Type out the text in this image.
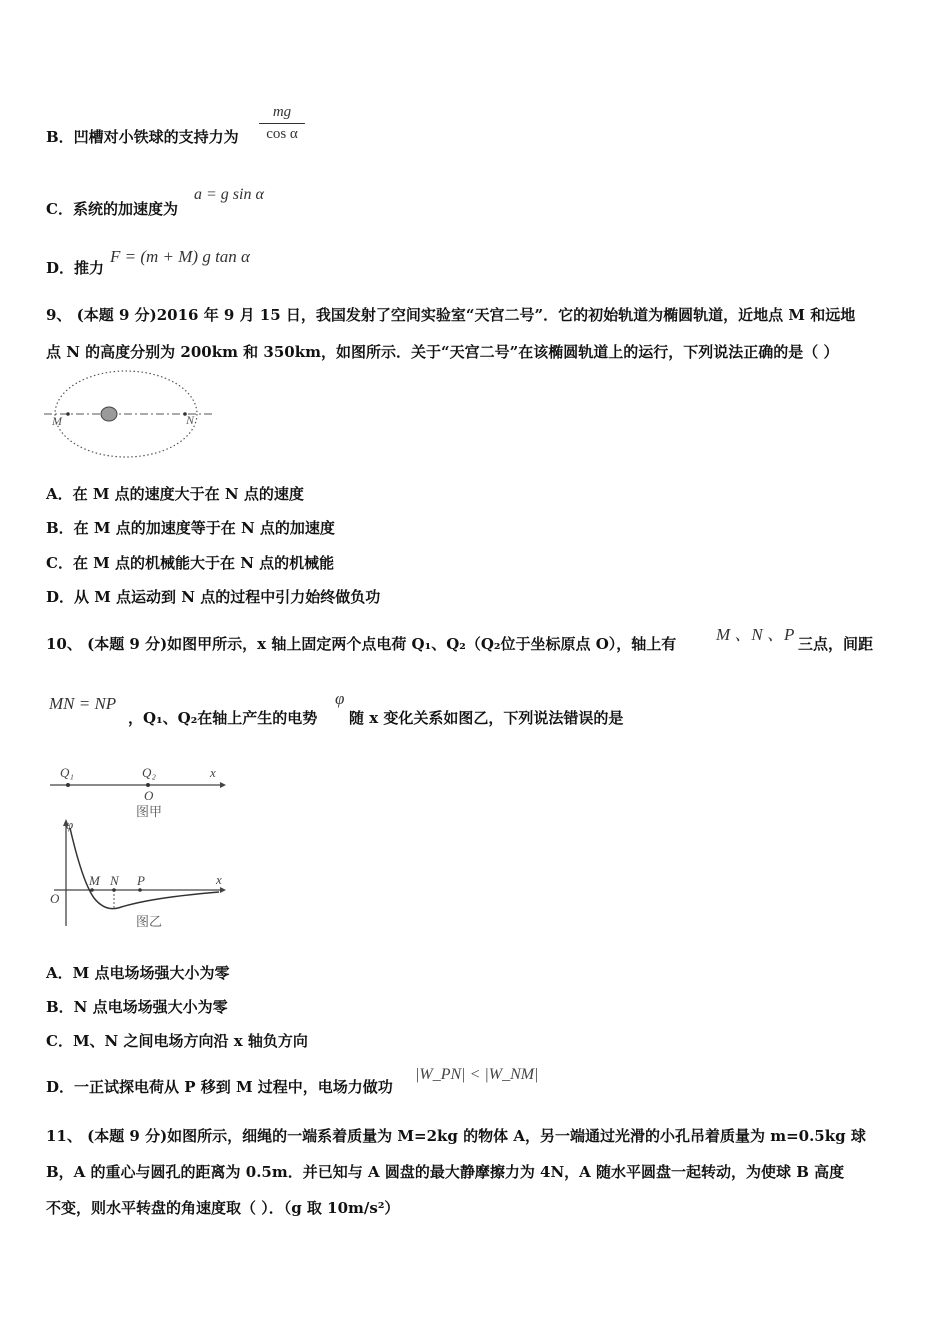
B．凹槽对小铁球的支持力为
mg
cos α
C．系统的加速度为
a = g sin α
D．推力
F = (m + M) g tan α
9、 (本题 9 分)2016 年 9 月 15 日，我国发射了空间实验室“天宫二号”．它的初始轨道为椭圆轨道，近地点 M 和远地
点 N 的高度分别为 200km 和 350km，如图所示．关于“天宫二号”在该椭圆轨道上的运行，下列说法正确的是（ ）
M	N
A．在 M 点的速度大于在 N 点的速度
B．在 M 点的加速度等于在 N 点的加速度
C．在 M 点的机械能大于在 N 点的机械能
D．从 M 点运动到 N 点的过程中引力始终做负功
10、 (本题 9 分)如图甲所示，x 轴上固定两个点电荷 Q₁、Q₂（Q₂位于坐标原点 O），轴上有 M 、N 、P 三点，间距
MN = NP
，Q₁、Q₂在轴上产生的电势
φ
随 x 变化关系如图乙，下列说法错误的是
Q₁	Q₂
O
x
图甲
φ
O
M N P	x
图乙
A．M 点电场场强大小为零
B．N 点电场场强大小为零
C．M、N 之间电场方向沿 x 轴负方向
D．一正试探电荷从 P 移到 M 过程中，电场力做功
|W_PN| < |W_NM|
11、 (本题 9 分)如图所示，细绳的一端系着质量为 M=2kg 的物体 A，另一端通过光滑的小孔吊着质量为 m=0.5kg 球
B，A 的重心与圆孔的距离为 0.5m．并已知与 A 圆盘的最大静摩擦力为 4N，A 随水平圆盘一起转动，为使球 B 高度
不变，则水平转盘的角速度取（ ）．（g 取 10m/s²）
